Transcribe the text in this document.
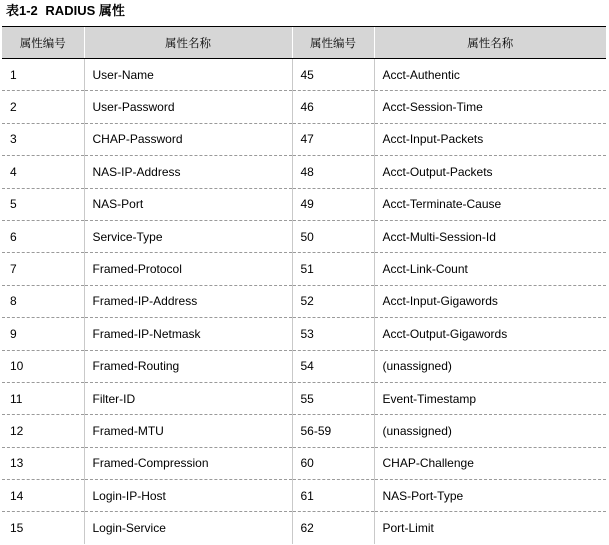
表1-2 RADIUS 属性
属性编号	属性名称	属性编号	属性名称
1	User-Name	45	Acct-Authentic
2	User-Password	46	Acct-Session-Time
3	CHAP-Password	47	Acct-Input-Packets
4	NAS-IP-Address	48	Acct-Output-Packets
5	NAS-Port	49	Acct-Terminate-Cause
6	Service-Type	50	Acct-Multi-Session-Id
7	Framed-Protocol	51	Acct-Link-Count
8	Framed-IP-Address	52	Acct-Input-Gigawords
9	Framed-IP-Netmask	53	Acct-Output-Gigawords
10	Framed-Routing	54	(unassigned)
11	Filter-ID	55	Event-Timestamp
12	Framed-MTU	56-59	(unassigned)
13	Framed-Compression	60	CHAP-Challenge
14	Login-IP-Host	61	NAS-Port-Type
15	Login-Service	62	Port-Limit
